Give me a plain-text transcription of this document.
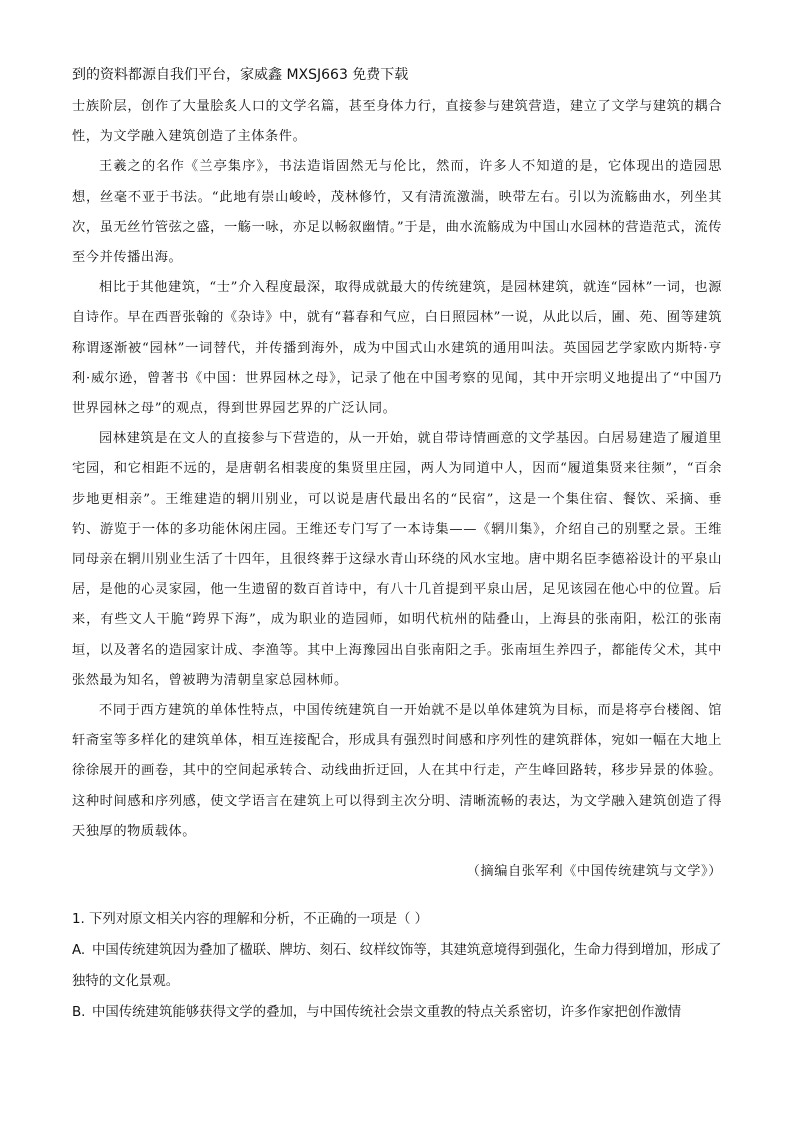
到的资料都源自我们平台，家威鑫 MXSJ663 免费下载

士族阶层，创作了大量脍炙人口的文学名篇，甚至身体力行，直接参与建筑营造，建立了文学与建筑的耦合性，为文学融入建筑创造了主体条件。

王羲之的名作《兰亭集序》，书法造诣固然无与伦比，然而，许多人不知道的是，它体现出的造园思想，丝毫不亚于书法。“此地有崇山峻岭，茂林修竹，又有清流激湍，映带左右。引以为流觞曲水，列坐其次，虽无丝竹管弦之盛，一觞一咏，亦足以畅叙幽情。”于是，曲水流觞成为中国山水园林的营造范式，流传至今并传播出海。

相比于其他建筑，“士”介入程度最深，取得成就最大的传统建筑，是园林建筑，就连“园林”一词，也源自诗作。早在西晋张翰的《杂诗》中，就有“暮春和气应，白日照园林”一说，从此以后，圃、苑、囿等建筑称谓逐渐被“园林”一词替代，并传播到海外，成为中国式山水建筑的通用叫法。英国园艺学家欧内斯特·亨利·威尔逊，曾著书《中国：世界园林之母》，记录了他在中国考察的见闻，其中开宗明义地提出了“中国乃世界园林之母”的观点，得到世界园艺界的广泛认同。

园林建筑是在文人的直接参与下营造的，从一开始，就自带诗情画意的文学基因。白居易建造了履道里宅园，和它相距不远的，是唐朝名相裴度的集贤里庄园，两人为同道中人，因而“履道集贤来往频”，“百余步地更相亲”。王维建造的辋川别业，可以说是唐代最出名的“民宿”，这是一个集住宿、餐饮、采摘、垂钓、游览于一体的多功能休闲庄园。王维还专门写了一本诗集——《辋川集》，介绍自己的别墅之景。王维同母亲在辋川别业生活了十四年，且很终葬于这绿水青山环绕的风水宝地。唐中期名臣李德裕设计的平泉山居，是他的心灵家园，他一生遗留的数百首诗中，有八十几首提到平泉山居，足见该园在他心中的位置。后来，有些文人干脆“跨界下海”，成为职业的造园师，如明代杭州的陆叠山，上海县的张南阳，松江的张南垣，以及著名的造园家计成、李渔等。其中上海豫园出自张南阳之手。张南垣生养四子，都能传父术，其中张然最为知名，曾被聘为清朝皇家总园林师。

不同于西方建筑的单体性特点，中国传统建筑自一开始就不是以单体建筑为目标，而是将亭台楼阁、馆轩斋室等多样化的建筑单体，相互连接配合，形成具有强烈时间感和序列性的建筑群体，宛如一幅在大地上徐徐展开的画卷，其中的空间起承转合、动线曲折迂回，人在其中行走，产生峰回路转，移步异景的体验。这种时间感和序列感，使文学语言在建筑上可以得到主次分明、清晰流畅的表达，为文学融入建筑创造了得天独厚的物质载体。

（摘编自张军利《中国传统建筑与文学》）

1. 下列对原文相关内容的理解和分析，不正确的一项是（ ）

A. 中国传统建筑因为叠加了楹联、牌坊、刻石、纹样纹饰等，其建筑意境得到强化，生命力得到增加，形成了独特的文化景观。

B. 中国传统建筑能够获得文学的叠加，与中国传统社会崇文重教的特点关系密切，许多作家把创作激情
